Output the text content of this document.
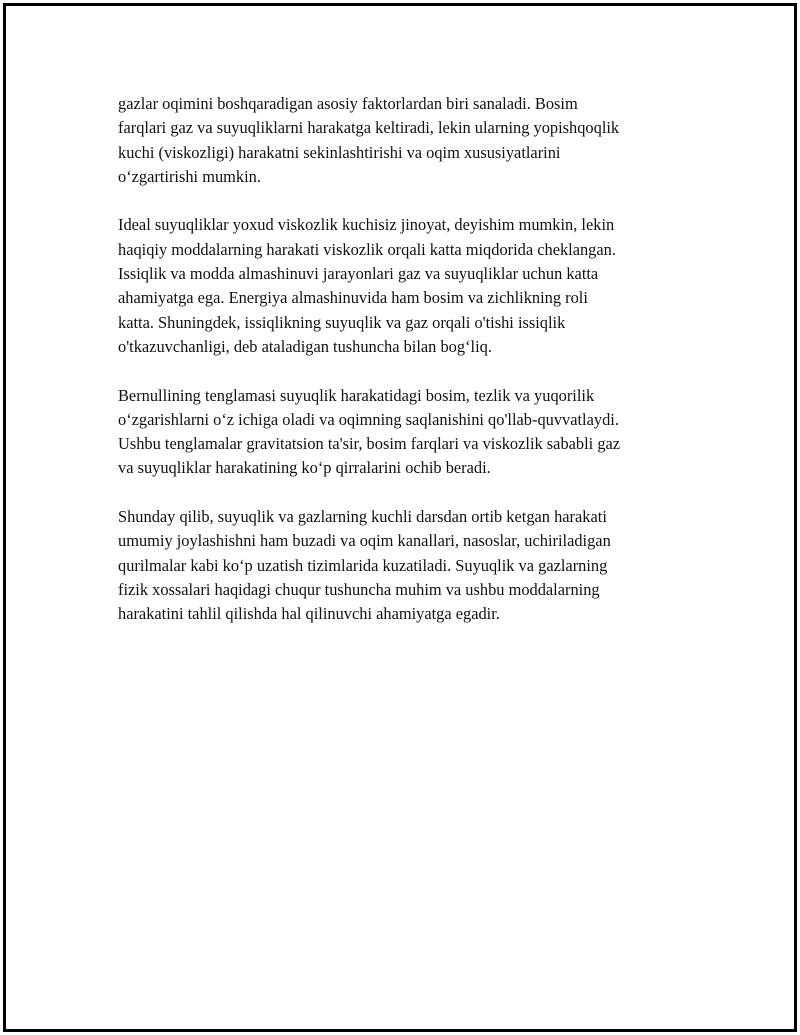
gazlar oqimini boshqaradigan asosiy faktorlardan biri sanaladi. Bosim
farqlari gaz va suyuqliklarni harakatga keltiradi, lekin ularning yopishqoqlik
kuchi (viskozligi) harakatni sekinlashtirishi va oqim xususiyatlarini
o‘zgartirishi mumkin.

Ideal suyuqliklar yoxud viskozlik kuchisiz jinoyat, deyishim mumkin, lekin
haqiqiy moddalarning harakati viskozlik orqali katta miqdorida cheklangan.
Issiqlik va modda almashinuvi jarayonlari gaz va suyuqliklar uchun katta
ahamiyatga ega. Energiya almashinuvida ham bosim va zichlikning roli
katta. Shuningdek, issiqlikning suyuqlik va gaz orqali o'tishi issiqlik
o'tkazuvchanligi, deb ataladigan tushuncha bilan bog‘liq.

Bernullining tenglamasi suyuqlik harakatidagi bosim, tezlik va yuqorilik
o‘zgarishlarni o‘z ichiga oladi va oqimning saqlanishini qo'llab-quvvatlaydi.
Ushbu tenglamalar gravitatsion ta'sir, bosim farqlari va viskozlik sababli gaz
va suyuqliklar harakatining ko‘p qirralarini ochib beradi.

Shunday qilib, suyuqlik va gazlarning kuchli darsdan ortib ketgan harakati
umumiy joylashishni ham buzadi va oqim kanallari, nasoslar, uchiriladigan
qurilmalar kabi ko‘p uzatish tizimlarida kuzatiladi. Suyuqlik va gazlarning
fizik xossalari haqidagi chuqur tushuncha muhim va ushbu moddalarning
harakatini tahlil qilishda hal qilinuvchi ahamiyatga egadir.
